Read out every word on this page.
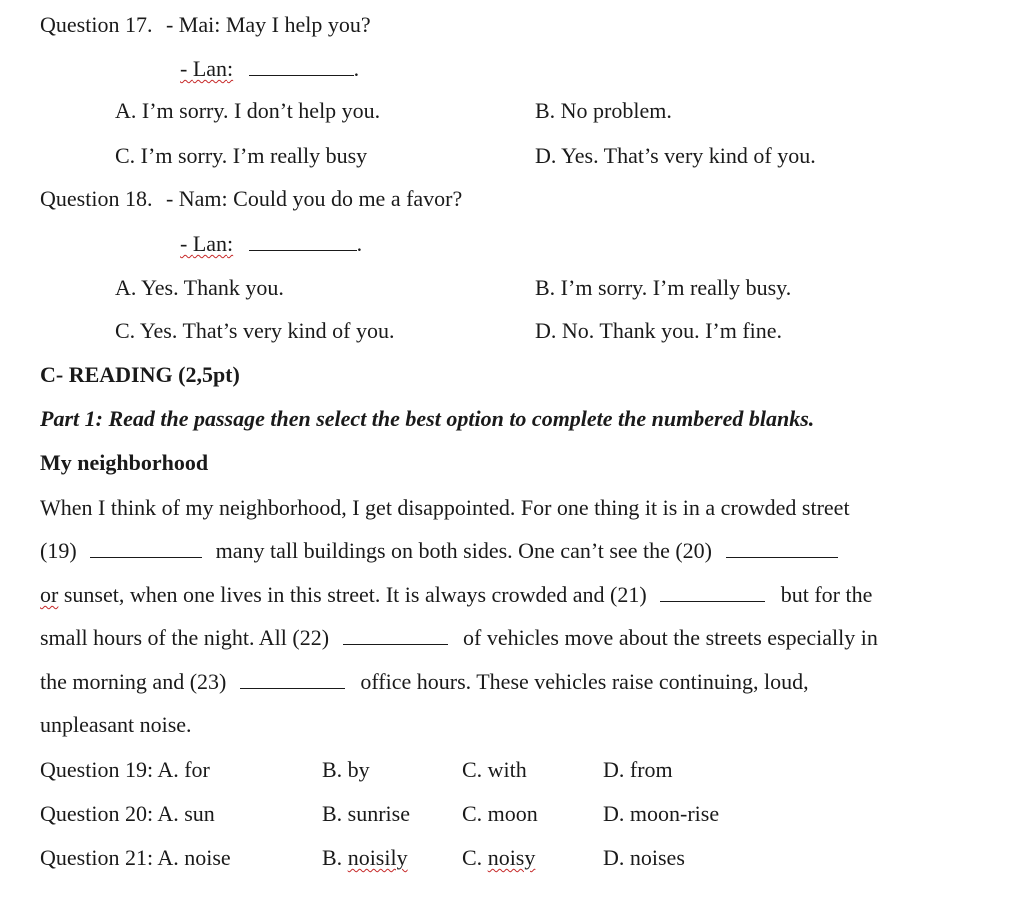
Question 17. - Mai: May I help you?
- Lan:	.
A. I’m sorry. I don’t help you.	B. No problem.
C. I’m sorry. I’m really busy	D. Yes. That’s very kind of you.
Question 18. - Nam: Could you do me a favor?
- Lan:	.
A. Yes. Thank you.	B. I’m sorry. I’m really busy.
C. Yes. That’s very kind of you.	D. No. Thank you. I’m fine.
C- READING (2,5pt)
Part 1: Read the passage then select the best option to complete the numbered blanks.
My neighborhood
When I think of my neighborhood, I get disappointed. For one thing it is in a crowded street
(19)	many tall buildings on both sides. One can’t see the (20)
or sunset, when one lives in this street. It is always crowded and (21)	but for the
small hours of the night. All (22)	of vehicles move about the streets especially in
the morning and (23)	office hours. These vehicles raise continuing, loud,
unpleasant noise.
Question 19: A. for	B. by	C. with	D. from
Question 20: A. sun	B. sunrise C. moon	D. moon-rise
Question 21: A. noise	B. noisily C. noisy	D. noises
